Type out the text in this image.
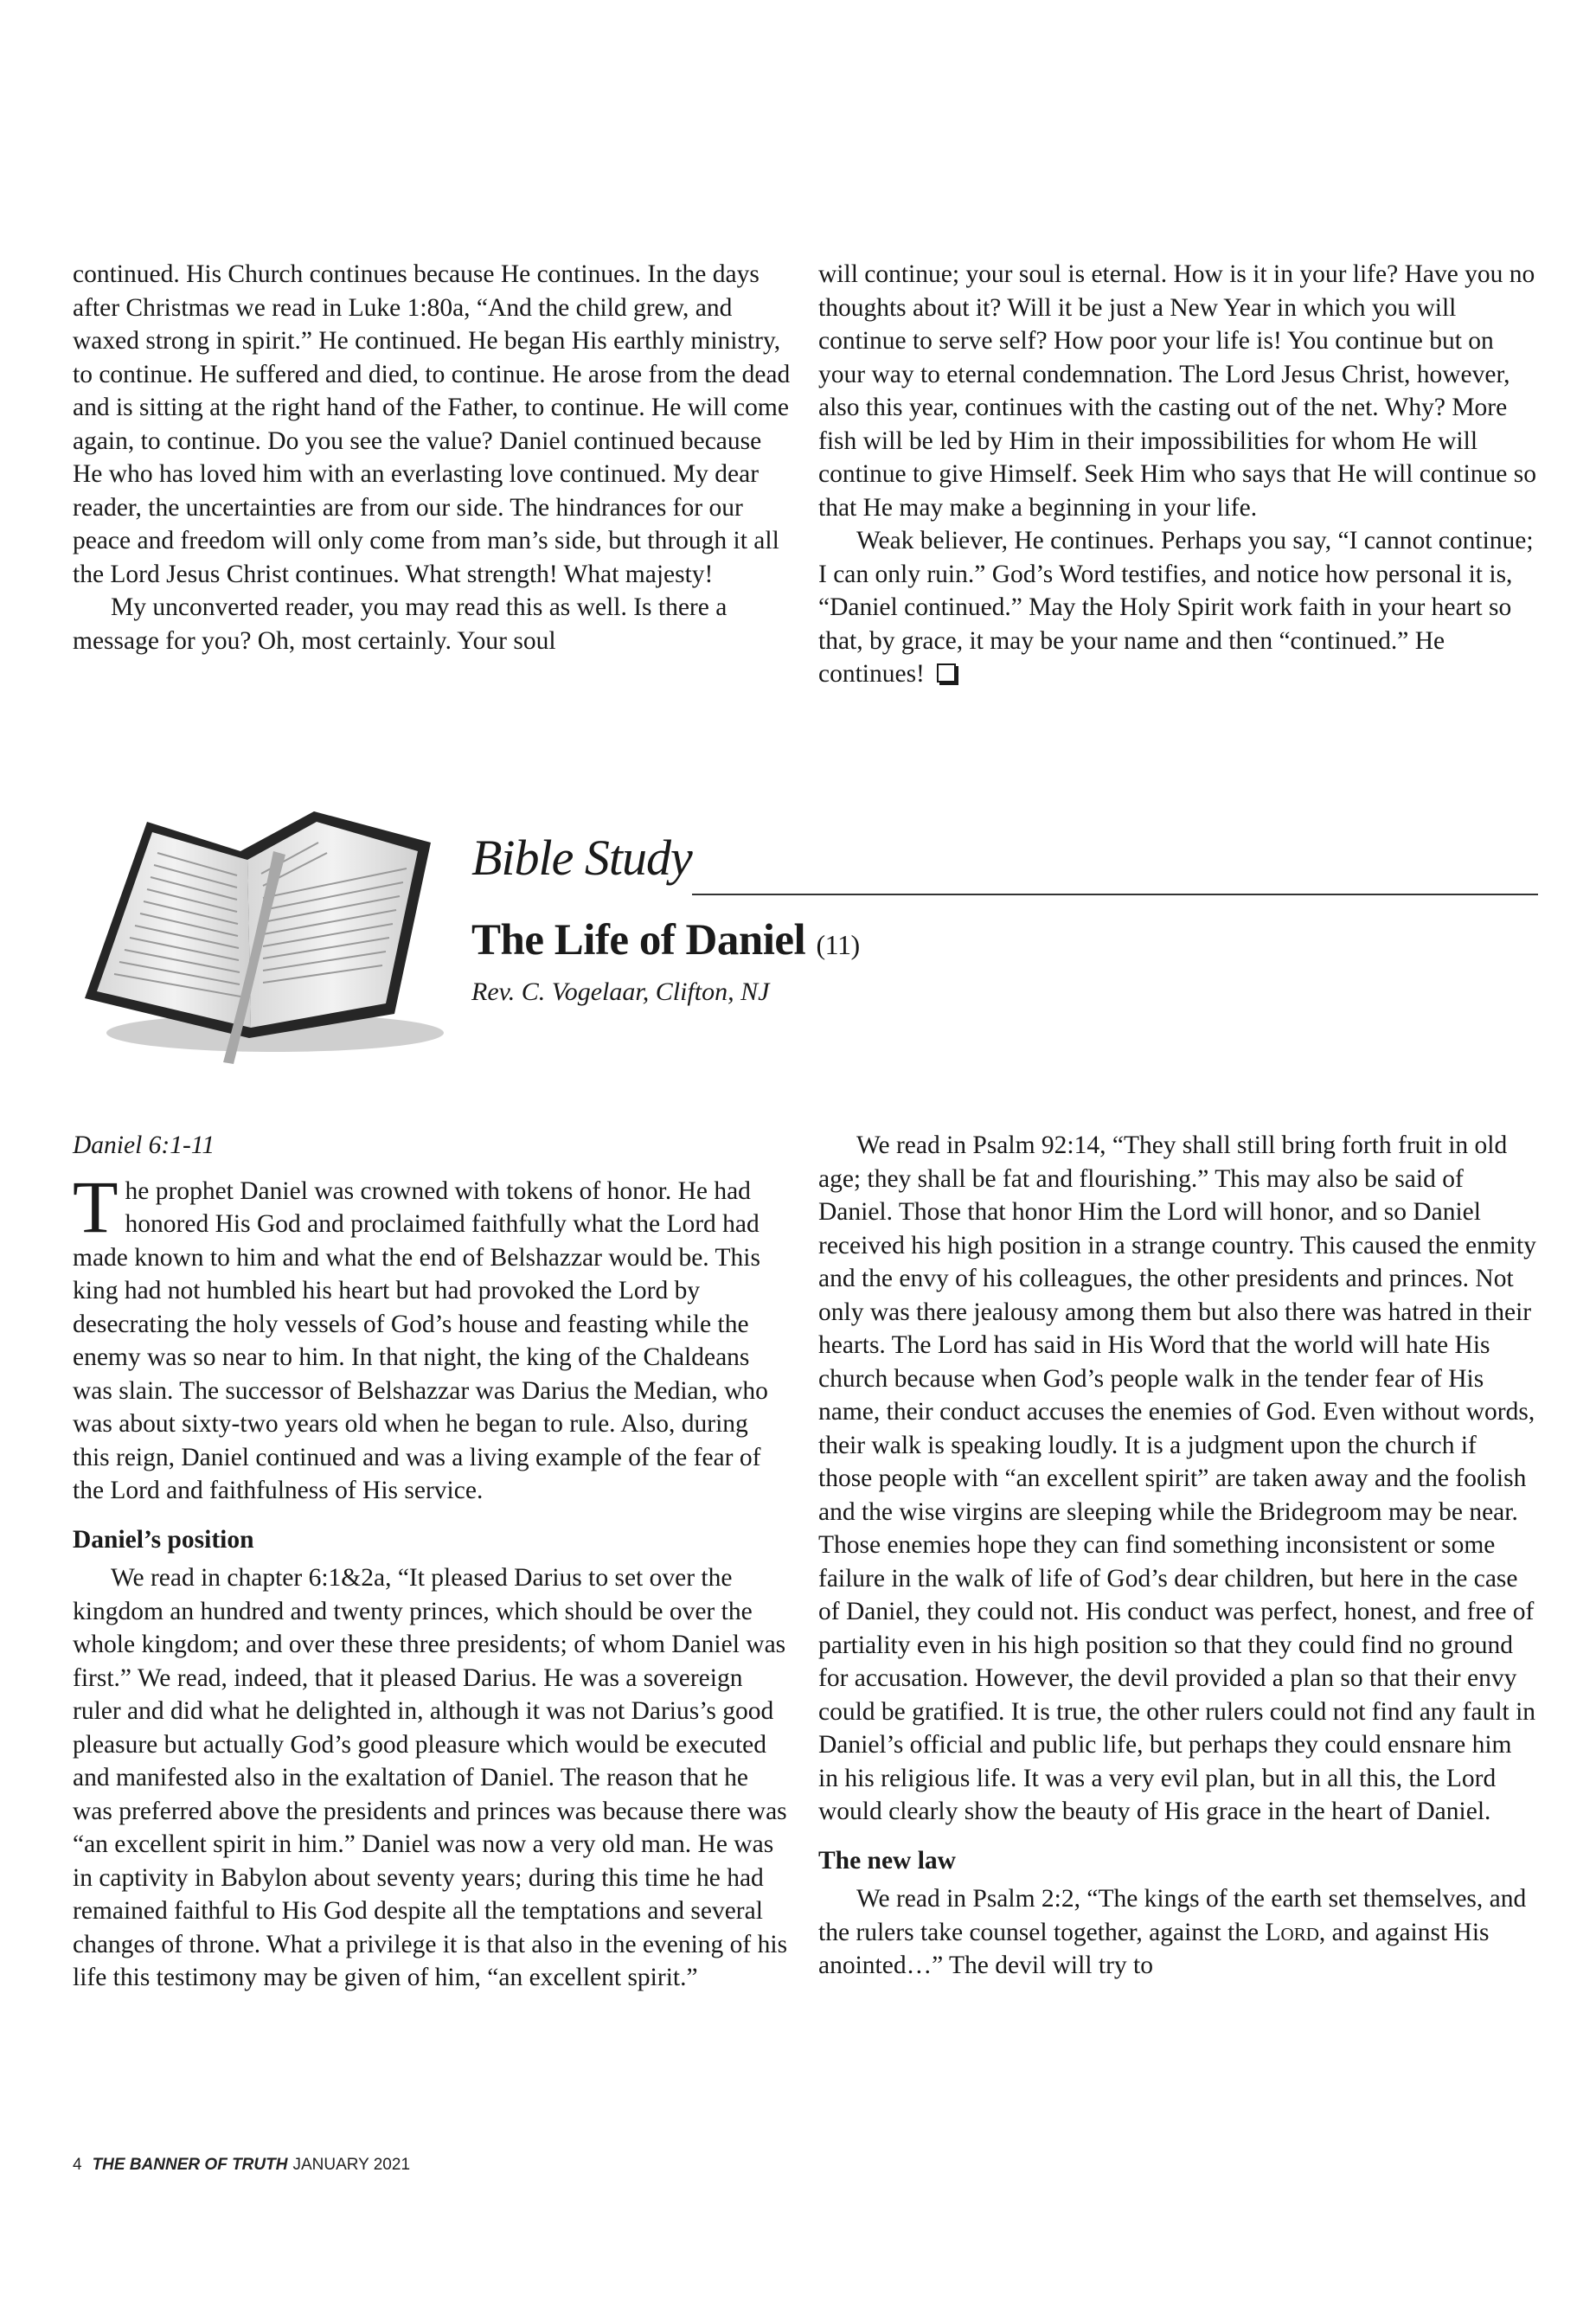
continued. His Church continues because He continues. In the days after Christmas we read in Luke 1:80a, “And the child grew, and waxed strong in spirit.” He continued. He began His earthly ministry, to continue. He suffered and died, to continue. He arose from the dead and is sitting at the right hand of the Father, to continue. He will come again, to continue. Do you see the value? Daniel continued because He who has loved him with an everlasting love continued. My dear reader, the uncertainties are from our side. The hindrances for our peace and freedom will only come from man’s side, but through it all the Lord Jesus Christ continues. What strength! What majesty!

My unconverted reader, you may read this as well. Is there a message for you? Oh, most certainly. Your soul

will continue; your soul is eternal. How is it in your life? Have you no thoughts about it? Will it be just a New Year in which you will continue to serve self? How poor your life is! You continue but on your way to eternal condemnation. The Lord Jesus Christ, however, also this year, continues with the casting out of the net. Why? More fish will be led by Him in their impossibilities for whom He will continue to give Himself. Seek Him who says that He will continue so that He may make a beginning in your life.

Weak believer, He continues. Perhaps you say, “I cannot continue; I can only ruin.” God’s Word testifies, and notice how personal it is, “Daniel continued.” May the Holy Spirit work faith in your heart so that, by grace, it may be your name and then “continued.” He continues!

Bible Study
The Life of Daniel (11)
Rev. C. Vogelaar, Clifton, NJ

Daniel 6:1-11

The prophet Daniel was crowned with tokens of honor. He had honored His God and proclaimed faithfully what the Lord had made known to him and what the end of Belshazzar would be. This king had not humbled his heart but had provoked the Lord by desecrating the holy vessels of God’s house and feasting while the enemy was so near to him. In that night, the king of the Chaldeans was slain. The successor of Belshazzar was Darius the Median, who was about sixty-two years old when he began to rule. Also, during this reign, Daniel continued and was a living example of the fear of the Lord and faithfulness of His service.

Daniel’s position

We read in chapter 6:1&2a, “It pleased Darius to set over the kingdom an hundred and twenty princes, which should be over the whole kingdom; and over these three presidents; of whom Daniel was first.” We read, indeed, that it pleased Darius. He was a sovereign ruler and did what he delighted in, although it was not Darius’s good pleasure but actually God’s good pleasure which would be executed and manifested also in the exaltation of Daniel. The reason that he was preferred above the presidents and princes was because there was “an excellent spirit in him.” Daniel was now a very old man. He was in captivity in Babylon about seventy years; during this time he had remained faithful to His God despite all the temptations and several changes of throne. What a privilege it is that also in the evening of his life this testimony may be given of him, “an excellent spirit.”

We read in Psalm 92:14, “They shall still bring forth fruit in old age; they shall be fat and flourishing.” This may also be said of Daniel. Those that honor Him the Lord will honor, and so Daniel received his high position in a strange country. This caused the enmity and the envy of his colleagues, the other presidents and princes. Not only was there jealousy among them but also there was hatred in their hearts. The Lord has said in His Word that the world will hate His church because when God’s people walk in the tender fear of His name, their conduct accuses the enemies of God. Even without words, their walk is speaking loudly. It is a judgment upon the church if those people with “an excellent spirit” are taken away and the foolish and the wise virgins are sleeping while the Bridegroom may be near. Those enemies hope they can find something inconsistent or some failure in the walk of life of God’s dear children, but here in the case of Daniel, they could not. His conduct was perfect, honest, and free of partiality even in his high position so that they could find no ground for accusation. However, the devil provided a plan so that their envy could be gratified. It is true, the other rulers could not find any fault in Daniel’s official and public life, but perhaps they could ensnare him in his religious life. It was a very evil plan, but in all this, the Lord would clearly show the beauty of His grace in the heart of Daniel.

The new law

We read in Psalm 2:2, “The kings of the earth set themselves, and the rulers take counsel together, against the Lord, and against His anointed…” The devil will try to

4 THE BANNER OF TRUTH JANUARY 2021
